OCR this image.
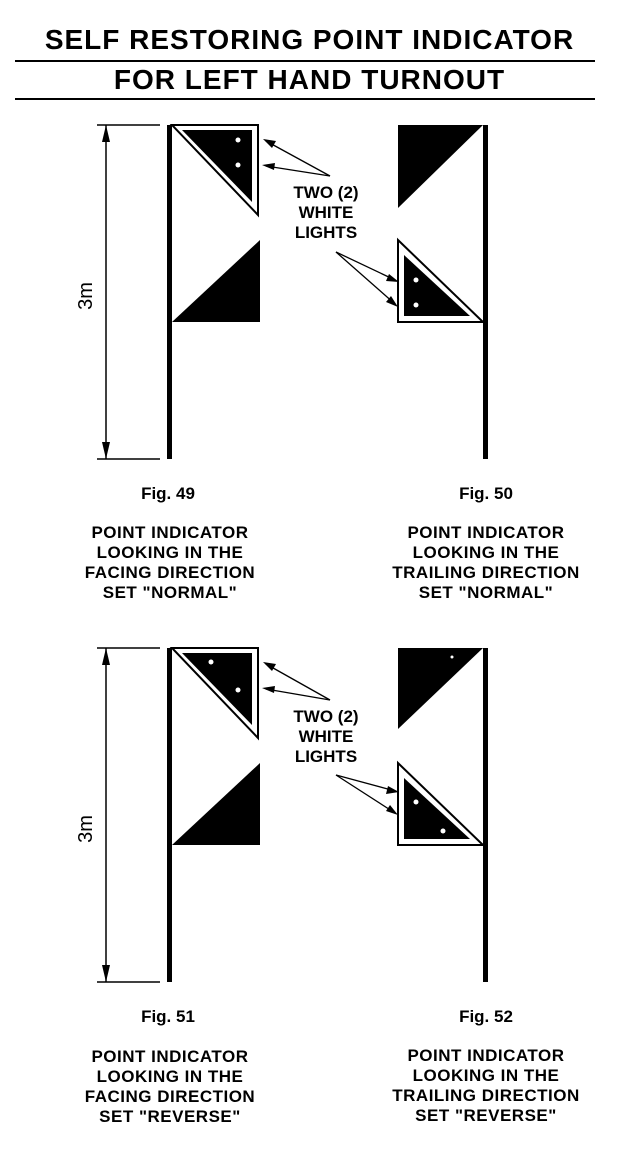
SELF RESTORING POINT INDICATOR
FOR LEFT HAND TURNOUT
3m
TWO (2)
WHITE
LIGHTS
Fig. 49	Fig. 50
POINT INDICATOR
LOOKING IN THE
FACING DIRECTION
SET "NORMAL"
POINT INDICATOR
LOOKING IN THE
TRAILING DIRECTION
SET "NORMAL"
3m
TWO (2)
WHITE
LIGHTS
Fig. 51	Fig. 52
POINT INDICATOR
LOOKING IN THE
FACING DIRECTION
SET "REVERSE"
POINT INDICATOR
LOOKING IN THE
TRAILING DIRECTION
SET "REVERSE"
